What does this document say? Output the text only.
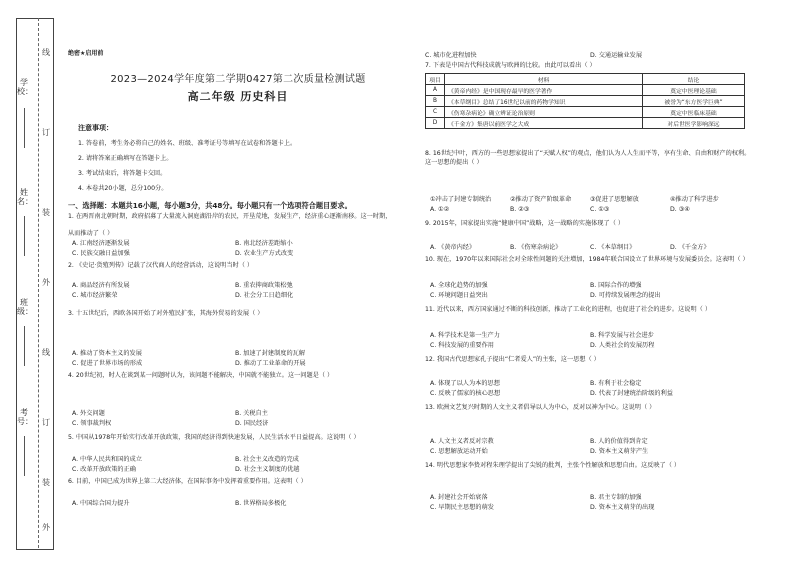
学校：
姓名：
班级：
考号：
线
订
装
外
线
订
装
外
绝密★启用前
2023—2024学年度第二学期0427第二次质量检测试题
高二年级 历史科目
注意事项：
1. 答卷前，考生务必将自己的姓名、班级、准考证号等填写在试卷和答题卡上。
2. 请将答案正确填写在答题卡上。
3. 考试结束后，将答题卡交回。
4. 本卷共20小题，总分100分。
一、选择题：本题共16小题，每小题3分，共48分。每小题只有一个选项符合题目要求。
1. 在两晋南北朝时期，政府招募了大量流入洞庭湖沿岸的农民，开垦荒地，发展生产，经济重心逐渐南移。这一时期，
从而推动了（ ）
A. 江南经济逐渐发展	B. 南北经济差距缩小
C. 民族交融日益加强	D. 农业生产方式改变
2. 《史记·货殖列传》记载了汉代商人的经营活动，这说明当时（ ）
A. 商品经济有所发展	B. 重农抑商政策松弛
C. 城市经济繁荣	D. 社会分工日趋细化
3. 十五世纪后，西欧各国开始了对外殖民扩张，其海外贸易的发展（ ）
A. 推动了资本主义的发展	B. 加速了封建制度的瓦解
C. 促进了世界市场的形成	D. 推动了工业革命的开展
4. 20世纪初，时人在谈到某一问题时认为，该问题不能解决，中国就不能独立。这一问题是（ ）
A. 外交问题	B. 关税自主
C. 领事裁判权	D. 国民经济
5. 中国从1978年开始实行改革开放政策，我国的经济得到快速发展，人民生活水平日益提高。这说明（ ）
A. 中华人民共和国的成立	B. 社会主义改造的完成
C. 改革开放政策的正确	D. 社会主义制度的优越
6. 目前，中国已成为世界上第二大经济体，在国际事务中发挥着重要作用。这表明（ ）
A. 中国综合国力提升	B. 世界格局多极化
C. 城市化进程加快	D. 交通运输业发展
7. 下表是中国古代科技成就与欧洲的比较。由此可以看出（ ）
项目	材料	结论
A	《黄帝内经》是中国现存最早的医学著作	奠定中医理论基础
B	《本草纲目》总结了16世纪以前的药物学知识	被誉为“东方医学巨典”
C	《伤寒杂病论》确立辨证论治原则	奠定中医临床基础
D	《千金方》集唐以前医学之大成	对后世医学影响深远
8. 16世纪中叶，西方的一些思想家提出了“天赋人权”的观点，他们认为人人生而平等，享有生命、自由和财产的权利。这一思想的提出（ ）
①冲击了封建专制统治	②推动了资产阶级革命	③促进了思想解放	④推动了科学进步
A. ①②	B. ②③	C. ①③	D. ③④
9. 2015年，国家提出实施“健康中国”战略，这一战略的实施体现了（ ）
A. 《黄帝内经》	B. 《伤寒杂病论》	C. 《本草纲目》	D. 《千金方》
10. 现在，1970年以来国际社会对全球性问题的关注增加，1984年联合国设立了世界环境与发展委员会。这表明（ ）
A. 全球化趋势的加强	B. 国际合作的增强
C. 环境问题日益突出	D. 可持续发展理念的提出
11. 近代以来，西方国家通过不断的科技创新，推动了工业化的进程，也促进了社会的进步。这说明（ ）
A. 科学技术是第一生产力	B. 科学发展与社会进步
C. 科技发展的重要作用	D. 人类社会的发展历程
12. 我国古代思想家孔子提出“仁者爱人”的主张，这一思想（ ）
A. 体现了以人为本的思想	B. 有利于社会稳定
C. 反映了儒家的核心思想	D. 代表了封建统治阶级的利益
13. 欧洲文艺复兴时期的人文主义者倡导以人为中心，反对以神为中心。这说明（ ）
A. 人文主义者反对宗教	B. 人的价值得到肯定
C. 思想解放运动开始	D. 资本主义萌芽产生
14. 明代思想家李贽对程朱理学提出了尖锐的批判，主张个性解放和思想自由。这反映了（ ）
A. 封建社会开始衰落	B. 君主专制的加强
C. 早期民主思想的萌发	D. 资本主义萌芽的出现
